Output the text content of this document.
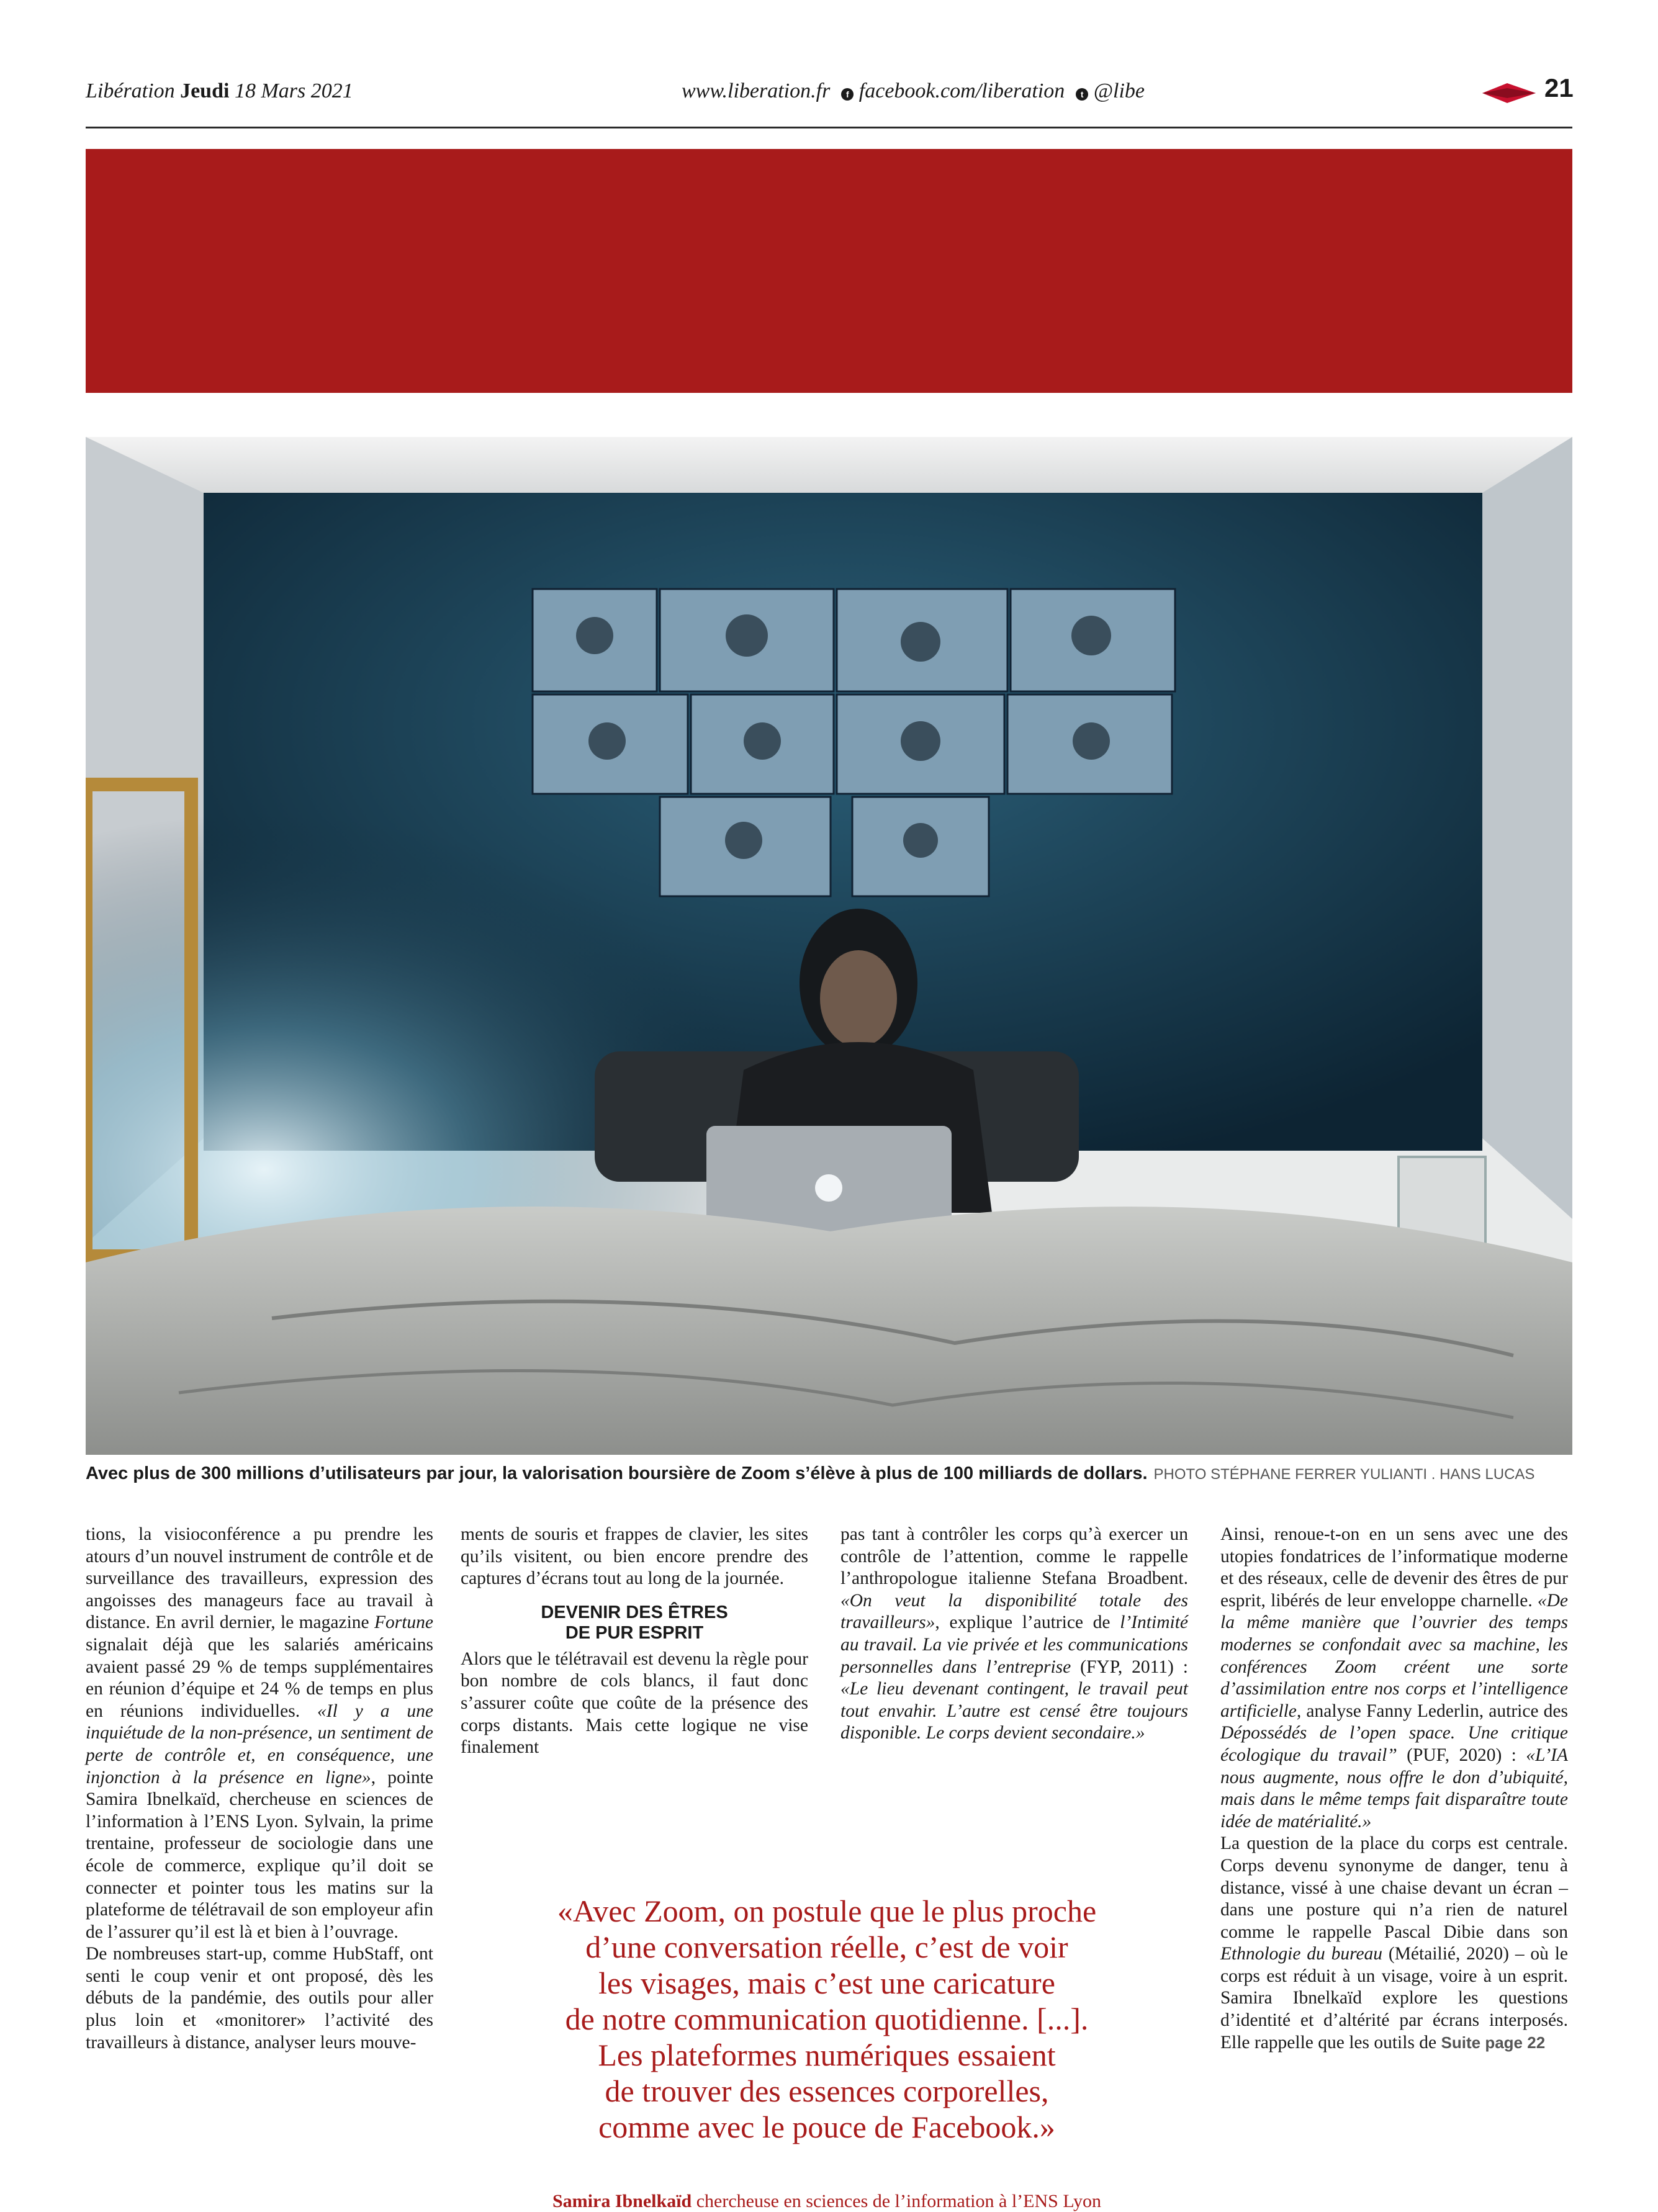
Libération Jeudi 18 Mars 2021	www.liberation.fr	f facebook.com/liberation	t @libe	21
Avec plus de 300 millions d’utilisateurs par jour, la valorisation boursière de Zoom s’élève à plus de 100 milliards de dollars. PHOTO STÉPHANE FERRER YULIANTI . HANS LUCAS

tions, la visioconférence a pu prendre les atours d’un nouvel instrument de contrôle et de surveillance des travailleurs, expression des angoisses des manageurs face au travail à distance. En avril dernier, le magazine Fortune signalait déjà que les salariés américains avaient passé 29 % de temps supplémentaires en réunion d’équipe et 24 % de temps en plus en réunions individuelles. «Il y a une inquiétude de la non-présence, un sentiment de perte de contrôle et, en conséquence, une injonction à la présence en ligne», pointe Samira Ibnelkaïd, chercheuse en sciences de l’information à l’ENS Lyon. Sylvain, la prime trentaine, professeur de sociologie dans une école de commerce, explique qu’il doit se connecter et pointer tous les matins sur la plateforme de télétravail de son employeur afin de l’assurer qu’il est là et bien à l’ouvrage.

De nombreuses start-up, comme HubStaff, ont senti le coup venir et ont proposé, dès les débuts de la pandémie, des outils pour aller plus loin et «monitorer» l’activité des travailleurs à distance, analyser leurs mouve-

ments de souris et frappes de clavier, les sites qu’ils visitent, ou bien encore prendre des captures d’écrans tout au long de la journée.

DEVENIR DES ÊTRES
DE PUR ESPRIT

Alors que le télétravail est devenu la règle pour bon nombre de cols blancs, il faut donc s’assurer coûte que coûte de la présence des corps distants. Mais cette logique ne vise finalement

pas tant à contrôler les corps qu’à exercer un contrôle de l’attention, comme le rappelle l’anthropologue italienne Stefana Broadbent. «On veut la disponibilité totale des travailleurs», explique l’autrice de l’Intimité au travail. La vie privée et les communications personnelles dans l’entreprise (FYP, 2011) : «Le lieu devenant contingent, le travail peut tout envahir. L’autre est censé être toujours disponible. Le corps devient secondaire.»

Ainsi, renoue-t-on en un sens avec une des utopies fondatrices de l’informatique moderne et des réseaux, celle de devenir des êtres de pur esprit, libérés de leur enveloppe charnelle. «De la même manière que l’ouvrier des temps modernes se confondait avec sa machine, les conférences Zoom créent une sorte d’assimilation entre nos corps et l’intelligence artificielle, analyse Fanny Lederlin, autrice des Dépossédés de l’open space. Une critique écologique du travail” (PUF, 2020) : «L’IA nous augmente, nous offre le don d’ubiquité, mais dans le même temps fait disparaître toute idée de matérialité.»

La question de la place du corps est centrale. Corps devenu synonyme de danger, tenu à distance, vissé à une chaise devant un écran – dans une posture qui n’a rien de naturel comme le rappelle Pascal Dibie dans son Ethnologie du bureau (Métailié, 2020) – où le corps est réduit à un visage, voire à un esprit. Samira Ibnelkaïd explore les questions d’identité et d’altérité par écrans interposés. Elle rappelle que les outils de Suite page 22

«Avec Zoom, on postule que le plus proche
d’une conversation réelle, c’est de voir
les visages, mais c’est une caricature
de notre communication quotidienne. [...].
Les plateformes numériques essaient
de trouver des essences corporelles,
comme avec le pouce de Facebook.»
Samira Ibnelkaïd chercheuse en sciences de l’information à l’ENS Lyon
